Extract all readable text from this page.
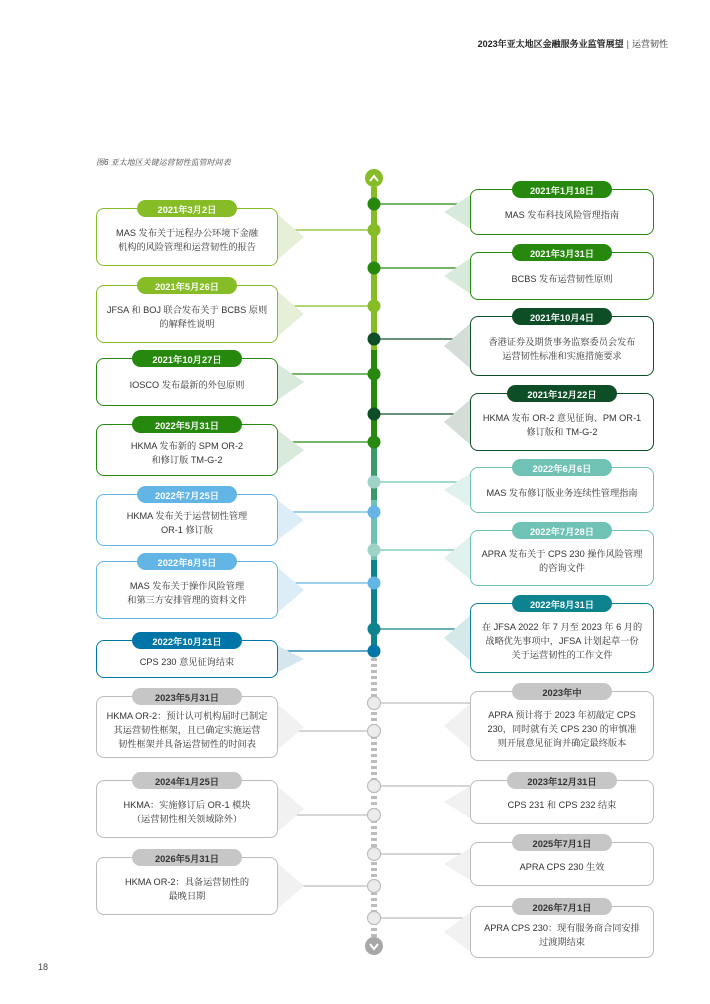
2023年亚太地区金融服务业监管展望 | 运营韧性
图6 亚太地区关键运营韧性监管时间表
MAS 发布关于远程办公环境下金融
机构的风险管理和运营韧性的报告
2021年3月2日
JFSA 和 BOJ 联合发布关于 BCBS 原则
的解释性说明
2021年5月26日
IOSCO 发布最新的外包原则
2021年10月27日
HKMA 发布新的 SPM OR-2
和修订版 TM-G-2
2022年5月31日
HKMA 发布关于运营韧性管理
OR-1 修订版
2022年7月25日
MAS 发布关于操作风险管理
和第三方安排管理的资料文件
2022年8月5日
CPS 230 意见征询结束
2022年10月21日
HKMA OR-2：预计认可机构届时已制定
其运营韧性框架，且已确定实施运营
韧性框架并具备运营韧性的时间表
2023年5月31日
HKMA：实施修订后 OR-1 模块
（运营韧性相关领域除外）
2024年1月25日
HKMA OR-2：具备运营韧性的
最晚日期
2026年5月31日
MAS 发布科技风险管理指南
2021年1月18日
BCBS 发布运营韧性原则
2021年3月31日
香港证券及期货事务监察委员会发布
运营韧性标准和实施措施要求
2021年10月4日
HKMA 发布 OR-2 意见征询、PM OR-1
修订版和 TM-G-2
2021年12月22日
MAS 发布修订版业务连续性管理指南
2022年6月6日
APRA 发布关于 CPS 230 操作风险管理
的咨询文件
2022年7月28日
在 JFSA 2022 年 7 月至 2023 年 6 月的
战略优先事项中，JFSA 计划起草一份
关于运营韧性的工作文件
2022年8月31日
APRA 预计将于 2023 年初敲定 CPS
230，同时就有关 CPS 230 的审慎准
则开展意见征询并确定最终版本
2023年中
CPS 231 和 CPS 232 结束
2023年12月31日
APRA CPS 230 生效
2025年7月1日
APRA CPS 230：现有服务商合同安排
过渡期结束
2026年7月1日
18
